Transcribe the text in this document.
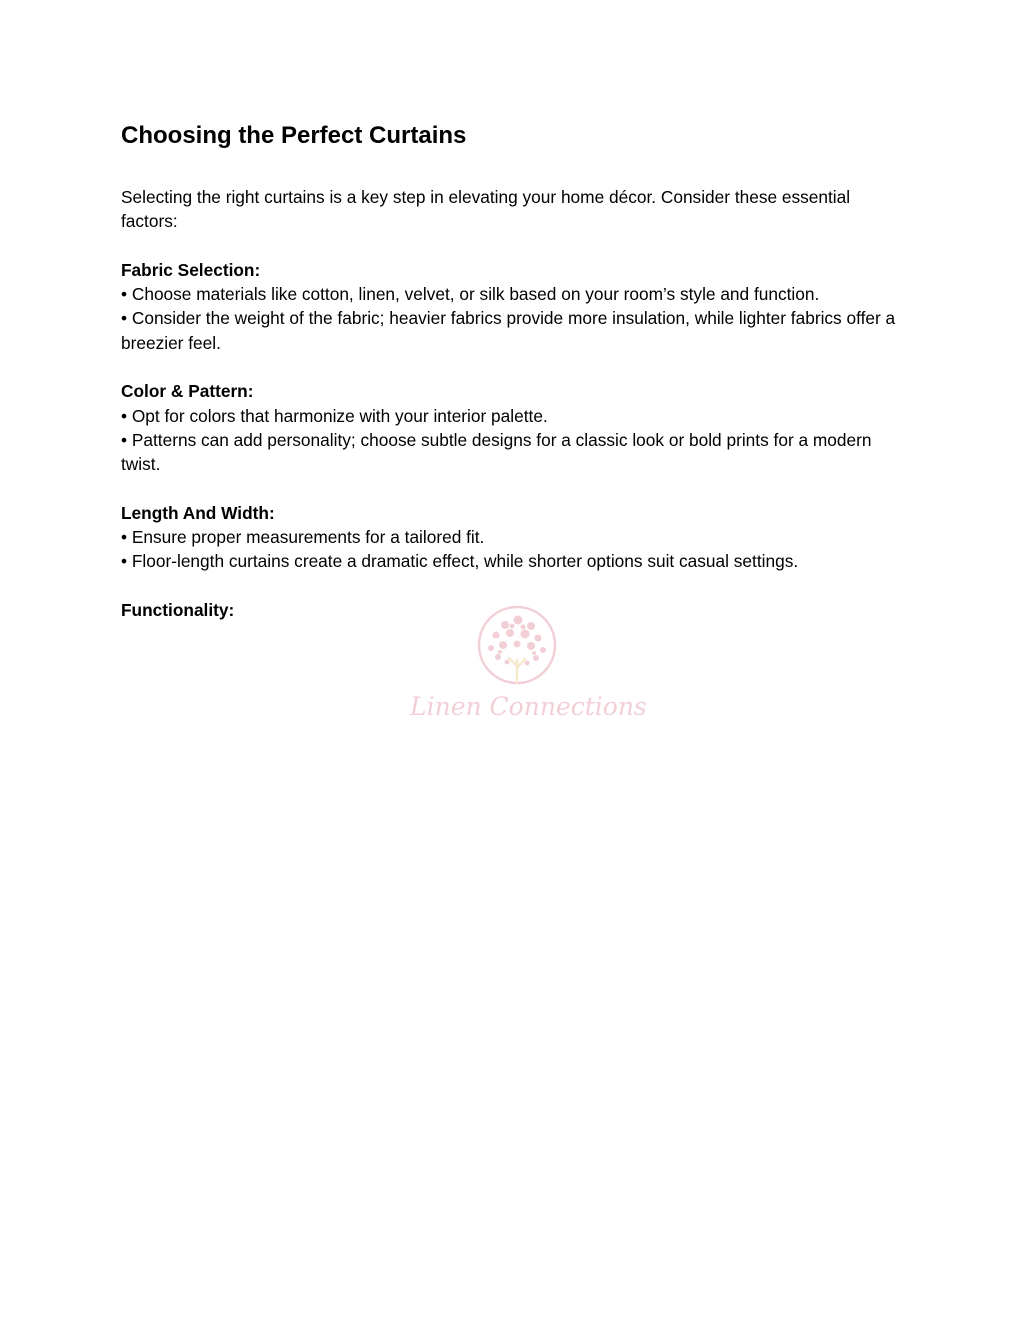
Choosing the Perfect Curtains

Selecting the right curtains is a key step in elevating your home décor. Consider these essential factors:

Fabric Selection:

• Choose materials like cotton, linen, velvet, or silk based on your room’s style and function.

• Consider the weight of the fabric; heavier fabrics provide more insulation, while lighter fabrics offer a breezier feel.

Color & Pattern:

• Opt for colors that harmonize with your interior palette.

• Patterns can add personality; choose subtle designs for a classic look or bold prints for a modern twist.

Length And Width:

• Ensure proper measurements for a tailored fit.

• Floor-length curtains create a dramatic effect, while shorter options suit casual settings.

Functionality:

Linen Connections
